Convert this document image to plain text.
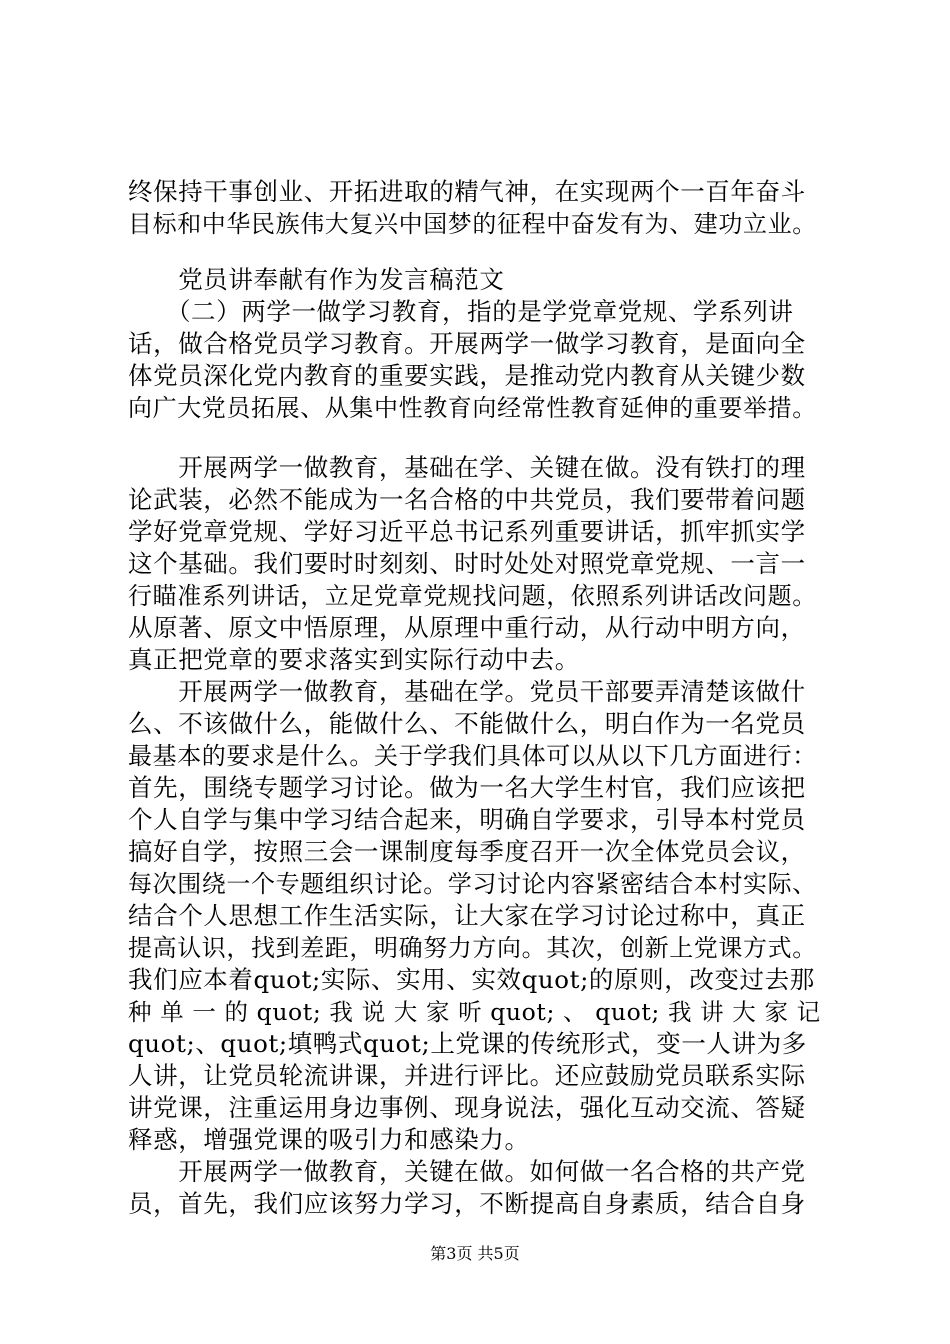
终保持干事创业、开拓进取的精气神，在实现两个一百年奋斗
目标和中华民族伟大复兴中国梦的征程中奋发有为、建功立业。
　　党员讲奉献有作为发言稿范文
　　（二）两学一做学习教育，指的是学党章党规、学系列讲
话，做合格党员学习教育。开展两学一做学习教育，是面向全
体党员深化党内教育的重要实践，是推动党内教育从关键少数
向广大党员拓展、从集中性教育向经常性教育延伸的重要举措。
　　开展两学一做教育，基础在学、关键在做。没有铁打的理
论武装，必然不能成为一名合格的中共党员，我们要带着问题
学好党章党规、学好习近平总书记系列重要讲话，抓牢抓实学
这个基础。我们要时时刻刻、时时处处对照党章党规、一言一
行瞄准系列讲话，立足党章党规找问题，依照系列讲话改问题。
从原著、原文中悟原理，从原理中重行动，从行动中明方向，
真正把党章的要求落实到实际行动中去。
　　开展两学一做教育，基础在学。党员干部要弄清楚该做什
么、不该做什么，能做什么、不能做什么，明白作为一名党员
最基本的要求是什么。关于学我们具体可以从以下几方面进行：
首先，围绕专题学习讨论。做为一名大学生村官，我们应该把
个人自学与集中学习结合起来，明确自学要求，引导本村党员
搞好自学，按照三会一课制度每季度召开一次全体党员会议，
每次围绕一个专题组织讨论。学习讨论内容紧密结合本村实际、
结合个人思想工作生活实际，让大家在学习讨论过称中，真正
提高认识，找到差距，明确努力方向。其次，创新上党课方式。
我们应本着quot;实际、实用、实效quot;的原则，改变过去那
种 单 一 的 quot; 我 说 大 家 听 quot; 、 quot; 我 讲 大 家 记
quot;、quot;填鸭式quot;上党课的传统形式，变一人讲为多
人讲，让党员轮流讲课，并进行评比。还应鼓励党员联系实际
讲党课，注重运用身边事例、现身说法，强化互动交流、答疑
释惑，增强党课的吸引力和感染力。
　　开展两学一做教育，关键在做。如何做一名合格的共产党
员，首先，我们应该努力学习，不断提高自身素质，结合自身
第3页 共5页
